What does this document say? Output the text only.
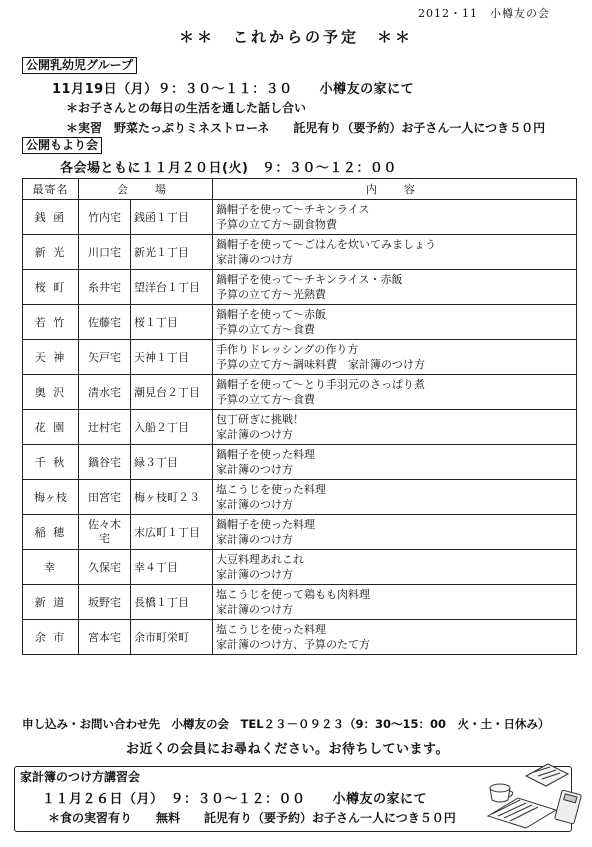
2012・11　小樽友の会
＊＊　これからの予定　＊＊
公開乳幼児グループ
11月19日（月）９：３０～１１：３０　　小樽友の家にて
＊お子さんとの毎日の生活を通した話し合い
＊実習　野菜たっぷりミネストローネ　　託児有り（要予約）お子さん一人につき５０円
公開もより会
各会場ともに１１月２０日(火)　９：３０～１２：００
最寄名	会　場		内　容
銭 函	竹内宅	銭函１丁目	鍋帽子を使って～チキンライス
予算の立て方～副食物費

新 光	川口宅	新光１丁目	鍋帽子を使って～ごはんを炊いてみましょう
家計簿のつけ方

桜 町	糸井宅	望洋台１丁目	鍋帽子を使って～チキンライス・赤飯
予算の立て方～光熱費

若 竹	佐藤宅	桜１丁目	鍋帽子を使って～赤飯
予算の立て方～食費

天 神	矢戸宅	天神１丁目	手作りドレッシングの作り方
予算の立て方～調味料費　家計簿のつけ方

奥 沢	清水宅	潮見台２丁目	鍋帽子を使って～とり手羽元のさっぱり煮
予算の立て方～食費

花 園	辻村宅	入船２丁目	包丁研ぎに挑戦！
家計簿のつけ方

千 秋	鍋谷宅	緑３丁目	鍋帽子を使った料理
家計簿のつけ方

梅ヶ枝	田宮宅	梅ヶ枝町２３	塩こうじを使った料理
家計簿のつけ方

稲 穂	佐々木宅	末広町１丁目	鍋帽子を使った料理
家計簿のつけ方

幸	久保宅	幸４丁目	大豆料理あれこれ
家計簿のつけ方

新 道	坂野宅	長橋１丁目	塩こうじを使って鶏もも肉料理
家計簿のつけ方

余 市	宮本宅	余市町栄町	塩こうじを使った料理
家計簿のつけ方、予算のたて方
申し込み・お問い合わせ先　小樽友の会　TEL２３－０９２３（9：30～15：00　火・土・日休み）
お近くの会員にお尋ねください。お待ちしています。
家計簿のつけ方講習会
１１月２６日（月）　９：３０～１２：００　　小樽友の家にて
＊食の実習有り　　無料　　託児有り（要予約）お子さん一人につき５０円
